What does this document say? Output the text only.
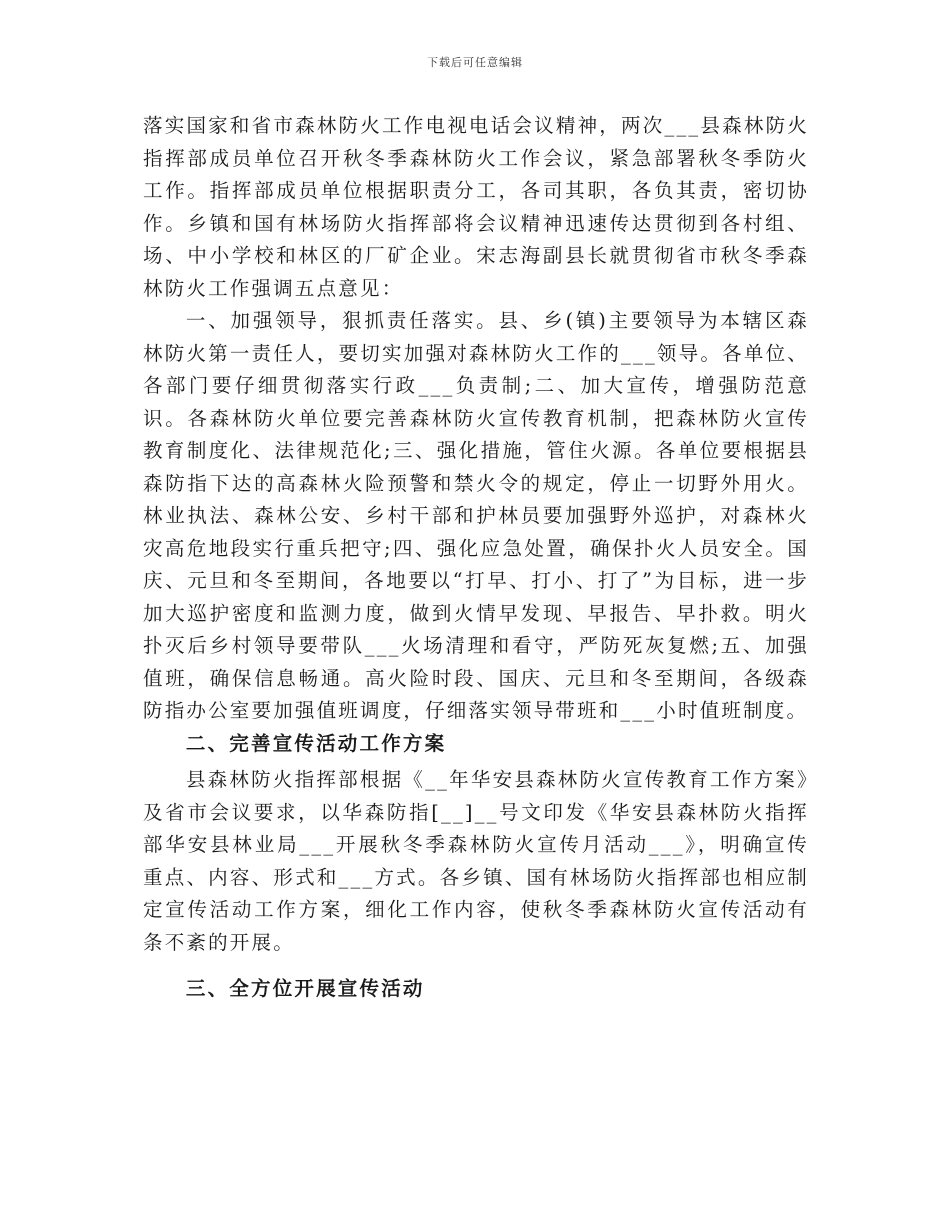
下载后可任意编辑

落实国家和省市森林防火工作电视电话会议精神，两次___县森林防火指挥部成员单位召开秋冬季森林防火工作会议，紧急部署秋冬季防火工作。指挥部成员单位根据职责分工，各司其职，各负其责，密切协作。乡镇和国有林场防火指挥部将会议精神迅速传达贯彻到各村组、场、中小学校和林区的厂矿企业。宋志海副县长就贯彻省市秋冬季森林防火工作强调五点意见：

一、加强领导，狠抓责任落实。县、乡(镇)主要领导为本辖区森林防火第一责任人，要切实加强对森林防火工作的___领导。各单位、各部门要仔细贯彻落实行政___负责制;二、加大宣传，增强防范意识。各森林防火单位要完善森林防火宣传教育机制，把森林防火宣传教育制度化、法律规范化;三、强化措施，管住火源。各单位要根据县森防指下达的高森林火险预警和禁火令的规定，停止一切野外用火。林业执法、森林公安、乡村干部和护林员要加强野外巡护，对森林火灾高危地段实行重兵把守;四、强化应急处置，确保扑火人员安全。国庆、元旦和冬至期间，各地要以“打早、打小、打了”为目标，进一步加大巡护密度和监测力度，做到火情早发现、早报告、早扑救。明火扑灭后乡村领导要带队___火场清理和看守，严防死灰复燃;五、加强值班，确保信息畅通。高火险时段、国庆、元旦和冬至期间，各级森防指办公室要加强值班调度，仔细落实领导带班和___小时值班制度。

二、完善宣传活动工作方案

县森林防火指挥部根据《__年华安县森林防火宣传教育工作方案》及省市会议要求，以华森防指[__]__号文印发《华安县森林防火指挥部华安县林业局___开展秋冬季森林防火宣传月活动___》，明确宣传重点、内容、形式和___方式。各乡镇、国有林场防火指挥部也相应制定宣传活动工作方案，细化工作内容，使秋冬季森林防火宣传活动有条不紊的开展。

三、全方位开展宣传活动
